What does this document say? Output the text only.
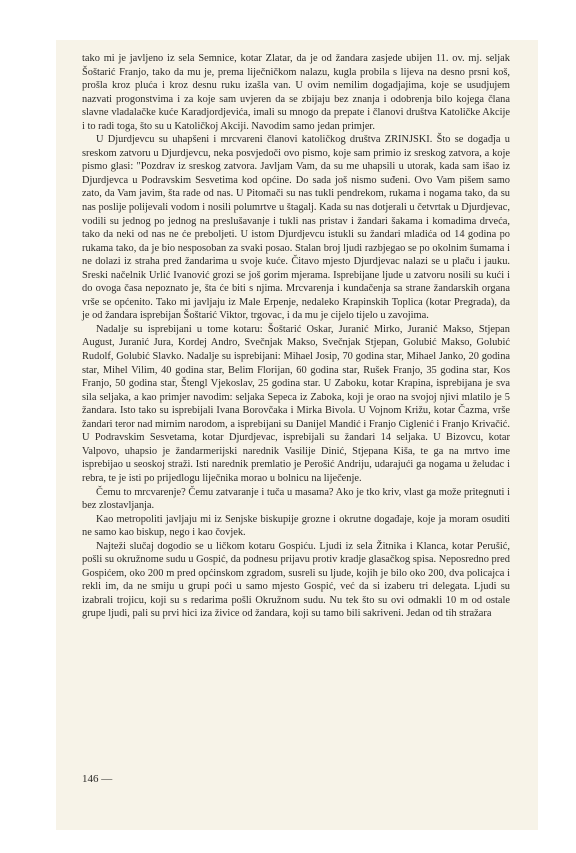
tako mi je javljeno iz sela Semnice, kotar Zlatar, da je od žandara zasjede ubijen 11. ov. mj. seljak Šoštarić Franjo, tako da mu je, prema liječničkom nalazu, kugla probila s lijeva na desno prsni koš, prošla kroz pluća i kroz desnu ruku izašla van. U ovim nemilim dogadjajima, koje se usudjujem nazvati progonstvima i za koje sam uvjeren da se zbijaju bez znanja i odobrenja bilo kojega člana slavne vladalačke kuće Karadjordjevića, imali su mnogo da prepate i članovi društva Katoličke Akcije i to radi toga, što su u Katoličkoj Akciji. Navodim samo jedan primjer.

U Djurdjevcu su uhapšeni i mrcvareni članovi katoličkog društva ZRINJSKI. Što se događja u sreskom zatvoru u Djurdjevcu, neka posvjedoči ovo pismo, koje sam primio iz sreskog zatvora, a koje pismo glasi: "Pozdrav iz sreskog zatvora. Javljam Vam, da su me uhapsili u utorak, kada sam išao iz Djurdjevca u Podravskim Sesvetima kod općine. Do sada još nismo suđeni. Ovo Vam pišem samo zato, da Vam javim, šta rade od nas. U Pitomači su nas tukli pendrekom, rukama i nogama tako, da su nas poslije polijevali vodom i nosili polumrtve u štagalj. Kada su nas dotjerali u četvrtak u Djurdjevac, vodili su jednog po jednog na preslušavanje i tukli nas pristav i žandari šakama i komadima drveća, tako da neki od nas ne će preboljeti. U istom Djurdjevcu istukli su žandari mladića od 14 godina po rukama tako, da je bio nesposoban za svaki posao. Stalan broj ljudi razbjegao se po okolnim šumama i ne dolazi iz straha pred žandarima u svoje kuće. Čitavo mjesto Djurdjevac nalazi se u plaču i jauku. Sreski načelnik Urlić Ivanović grozi se još gorim mjerama. Isprebijane ljude u zatvoru nosili su kući i do ovoga časa nepoznato je, šta će biti s njima. Mrcvarenja i kundačenja sa strane žandarskih organa vrše se općenito. Tako mi javljaju iz Male Erpenje, nedaleko Krapinskih Toplica (kotar Pregrada), da je od žandara isprebijan Šoštarić Viktor, trgovac, i da mu je cijelo tijelo u zavojima.

Nadalje su isprebijani u tome kotaru: Šoštarić Oskar, Juranić Mirko, Juranić Makso, Stjepan August, Juranić Jura, Kordej Andro, Svečnjak Makso, Svečnjak Stjepan, Golubić Makso, Golubić Rudolf, Golubić Slavko. Nadalje su isprebijani: Mihael Josip, 70 godina star, Mihael Janko, 20 godina star, Mihel Vilim, 40 godina star, Belim Florijan, 60 godina star, Rušek Franjo, 35 godina star, Kos Franjo, 50 godina star, Štengl Vjekoslav, 25 godina star. U Zaboku, kotar Krapina, isprebijana je sva sila seljaka, a kao primjer navodim: seljaka Sepeca iz Zaboka, koji je orao na svojoj njivi mlatilo je 5 žandara. Isto tako su isprebijali Ivana Borovčaka i Mirka Bivola. U Vojnom Križu, kotar Čazma, vrše žandari teror nad mirnim narodom, a isprebijani su Danijel Mandić i Franjo Ciglenić i Franjo Krivačić. U Podravskim Sesvetama, kotar Djurdjevac, isprebijali su žandari 14 seljaka. U Bizovcu, kotar Valpovo, uhapsio je žandarmerijski narednik Vasilije Dinić, Stjepana Kiša, te ga na mrtvo ime isprebijao u seoskoj straži. Isti narednik premlatio je Perošić Andriju, udarajući ga nogama u želudac i rebra, te je isti po prijedlogu liječnika morao u bolnicu na liječenje.

Čemu to mrcvarenje? Čemu zatvaranje i tuča u masama? Ako je tko kriv, vlast ga može pritegnuti i bez zlostavljanja.

Kao metropoliti javljaju mi iz Senjske biskupije grozne i okrutne događaje, koje ja moram osuditi ne samo kao biskup, nego i kao čovjek.

Najteži slučaj dogodio se u ličkom kotaru Gospiću. Ljudi iz sela Žitnika i Klanca, kotar Perušić, pošli su okružnome sudu u Gospić, da podnesu prijavu protiv kradje glasačkog spisa. Neposredno pred Gospićem, oko 200 m pred općinskom zgradom, susreli su ljude, kojih je bilo oko 200, dva policajca i rekli im, da ne smiju u grupi poći u samo mjesto Gospić, već da si izaberu tri delegata. Ljudi su izabrali trojicu, koji su s redarima pošli Okružnom sudu. Nu tek što su ovi odmakli 10 m od ostale grupe ljudi, pali su prvi hici iza živice od žandara, koji su tamo bili sakriveni. Jedan od tih stražara

146 —
